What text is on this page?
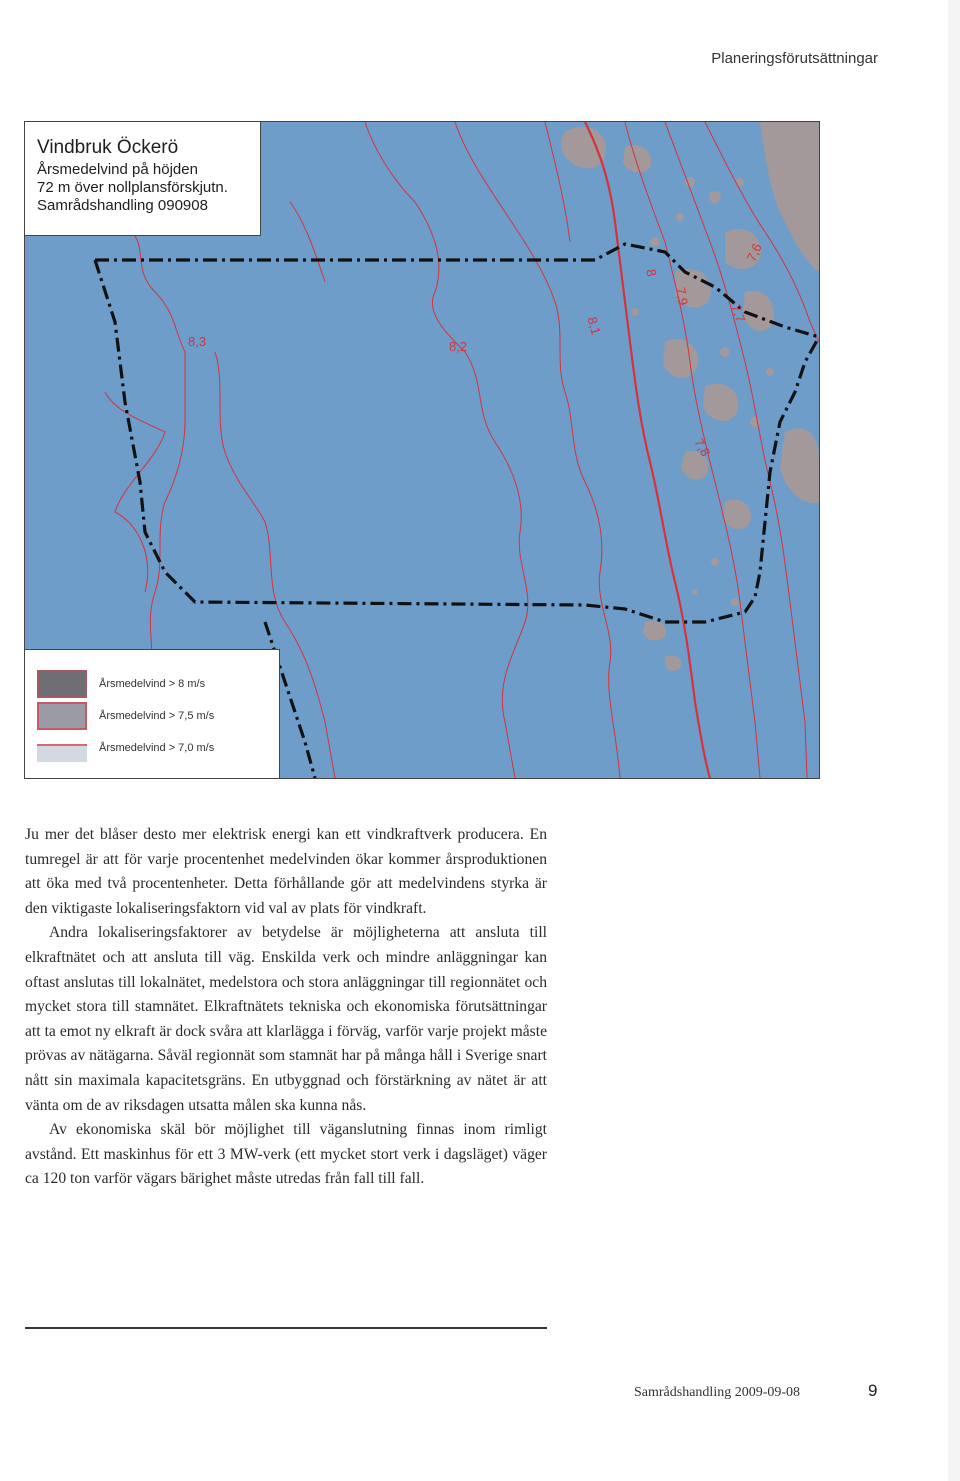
Planeringsförutsättningar
8,3	8,2
8,1
8
7,9
7,8
7,7
7,6
Vindbruk Öckerö
Årsmedelvind på höjden
72 m över nollplansförskjutn.
Samrådshandling 090908
Årsmedelvind > 8 m/s
Årsmedelvind > 7,5 m/s
Årsmedelvind > 7,0 m/s

Ju mer det blåser desto mer elektrisk energi kan ett vindkraftverk producera. En tumregel är att för varje procentenhet medelvinden ökar kommer årsproduktionen att öka med två procentenheter. Detta förhållande gör att medelvindens styrka är den viktigaste lokaliseringsfaktorn vid val av plats för vindkraft.

Andra lokaliseringsfaktorer av betydelse är möjligheterna att ansluta till elkraftnätet och att ansluta till väg. Enskilda verk och mindre anläggningar kan oftast anslutas till lokalnätet, medelstora och stora anläggningar till regionnätet och mycket stora till stamnätet. Elkraftnätets tekniska och ekonomiska förutsättningar att ta emot ny elkraft är dock svåra att klarlägga i förväg, varför varje projekt måste prövas av nätägarna. Såväl regionnät som stamnät har på många håll i Sverige snart nått sin maximala kapacitetsgräns. En utbyggnad och förstärkning av nätet är att vänta om de av riksdagen utsatta målen ska kunna nås.

Av ekonomiska skäl bör möjlighet till väganslutning finnas inom rimligt avstånd. Ett maskinhus för ett 3 MW-verk (ett mycket stort verk i dagsläget) väger ca 120 ton varför vägars bärighet måste utredas från fall till fall.

Samrådshandling 2009-09-08	9
